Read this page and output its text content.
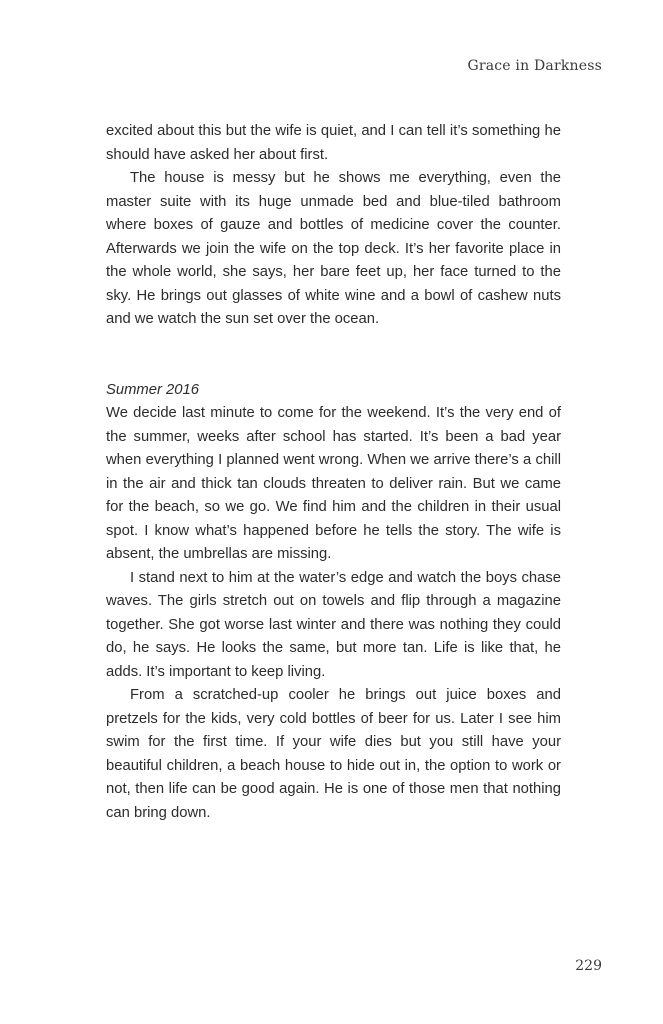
Grace in Darkness

excited about this but the wife is quiet, and I can tell it’s something he should have asked her about first.

The house is messy but he shows me everything, even the master suite with its huge unmade bed and blue-tiled bathroom where boxes of gauze and bottles of medicine cover the counter. Afterwards we join the wife on the top deck. It’s her favorite place in the whole world, she says, her bare feet up, her face turned to the sky. He brings out glasses of white wine and a bowl of cashew nuts and we watch the sun set over the ocean.

Summer 2016

We decide last minute to come for the weekend. It’s the very end of the summer, weeks after school has started. It’s been a bad year when everything I planned went wrong. When we arrive there’s a chill in the air and thick tan clouds threaten to deliver rain. But we came for the beach, so we go. We find him and the children in their usual spot. I know what’s happened before he tells the story. The wife is absent, the umbrellas are missing.

I stand next to him at the water’s edge and watch the boys chase waves. The girls stretch out on towels and flip through a magazine together. She got worse last winter and there was nothing they could do, he says. He looks the same, but more tan. Life is like that, he adds. It’s important to keep living.

From a scratched-up cooler he brings out juice boxes and pretzels for the kids, very cold bottles of beer for us. Later I see him swim for the first time. If your wife dies but you still have your beautiful children, a beach house to hide out in, the option to work or not, then life can be good again. He is one of those men that nothing can bring down.

229
